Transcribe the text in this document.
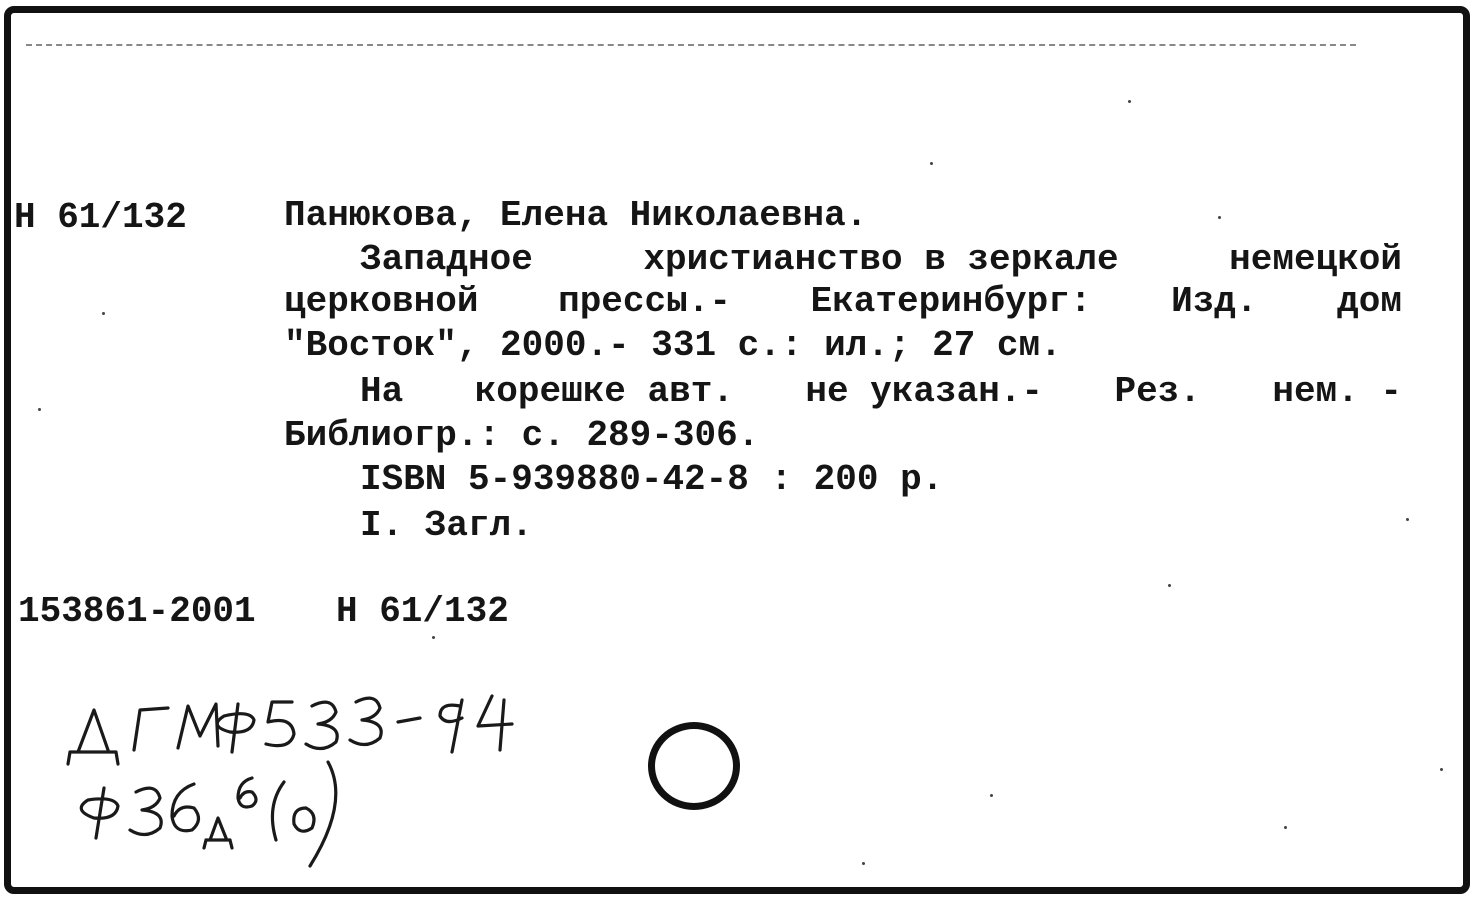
Н 61/132	Панюкова, Елена Николаевна.
Западное	христианство в зеркале	немецкой
церковной прессы.- Екатеринбург: Изд. дом
"Восток", 2000.- 331 с.: ил.; 27 см.
На корешке авт. не указан.- Рез. нем. -
Библиогр.: с. 289-306.
ISBN 5-939880-42-8 : 200 р.
I. Загл.
153861-2001 Н 61/132
